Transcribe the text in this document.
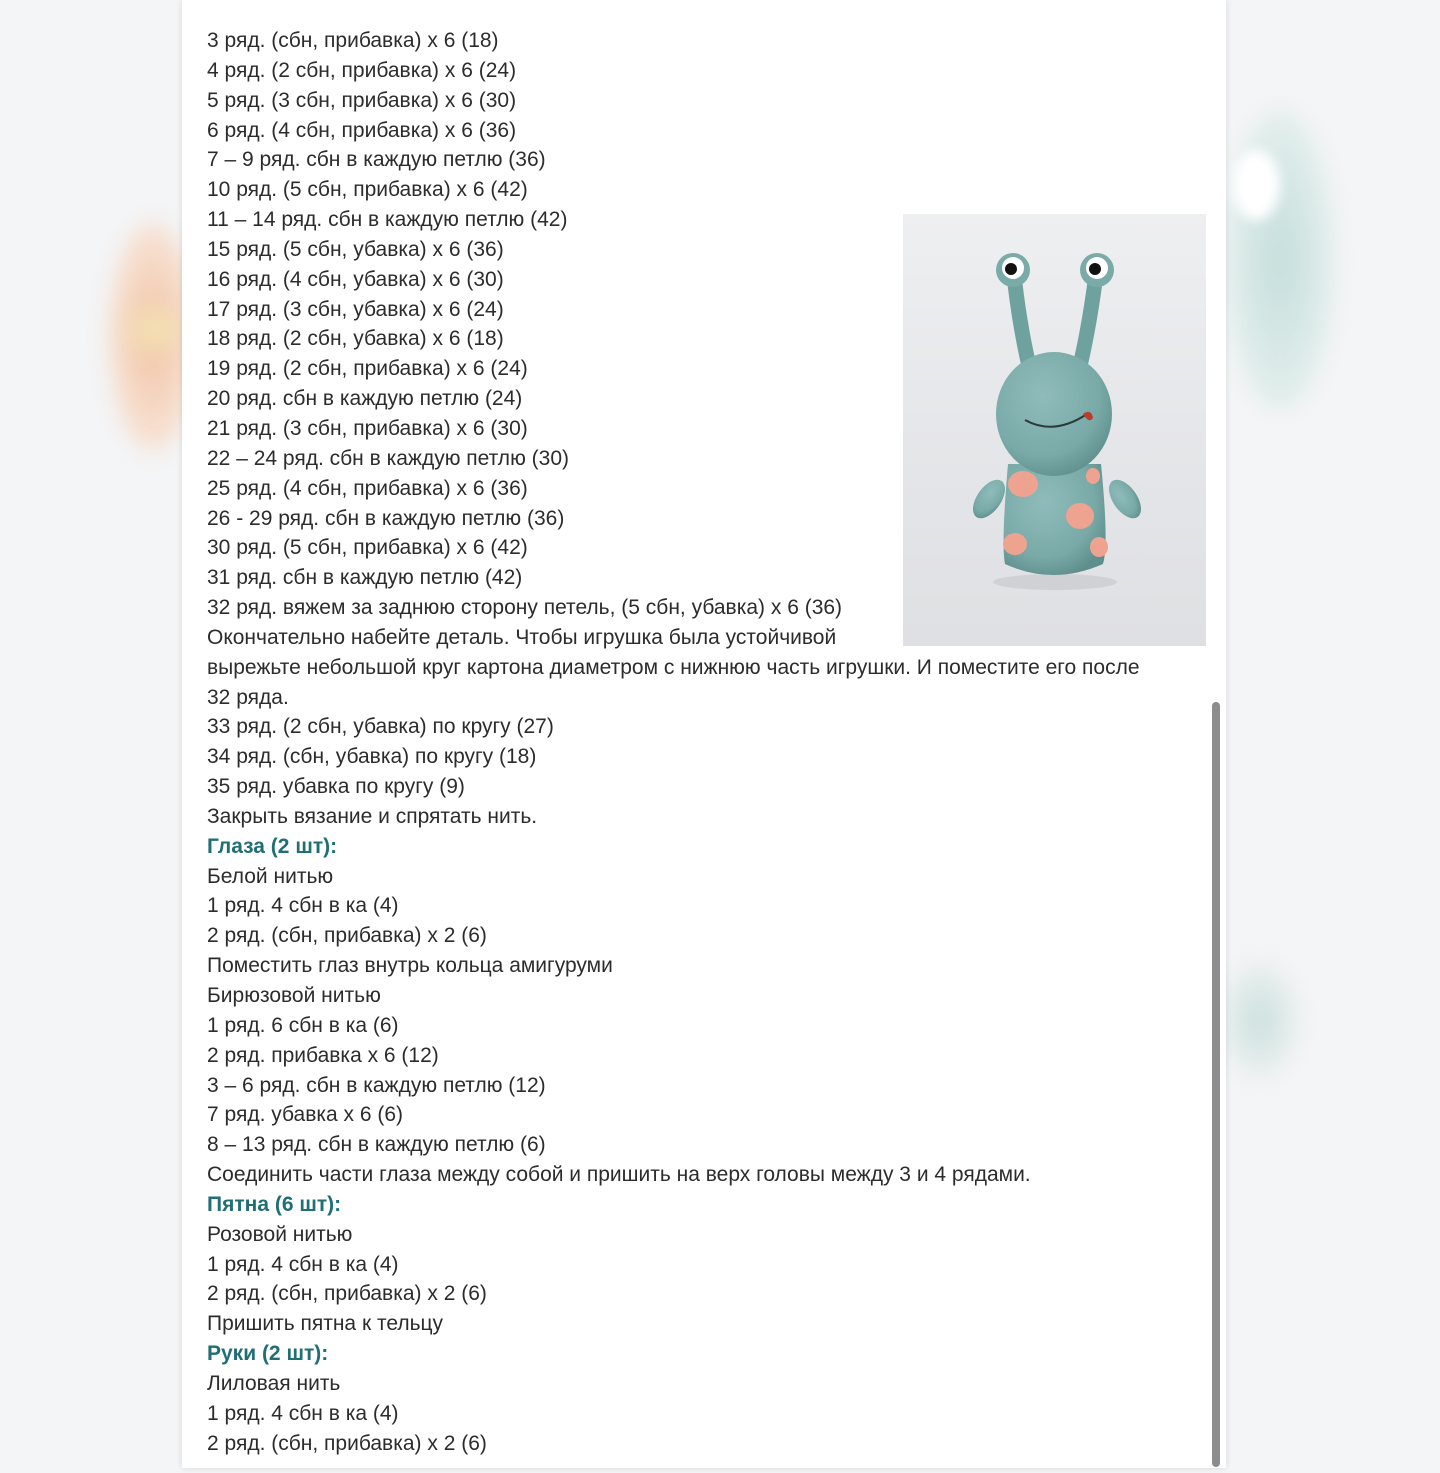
3 ряд. (сбн, прибавка) х 6 (18)
4 ряд. (2 сбн, прибавка) х 6 (24)
5 ряд. (3 сбн, прибавка) х 6 (30)
6 ряд. (4 сбн, прибавка) х 6 (36)
7 – 9 ряд. сбн в каждую петлю (36)
10 ряд. (5 сбн, прибавка) х 6 (42)
11 – 14 ряд. сбн в каждую петлю (42)
15 ряд. (5 сбн, убавка) х 6 (36)
16 ряд. (4 сбн, убавка) х 6 (30)
17 ряд. (3 сбн, убавка) х 6 (24)
18 ряд. (2 сбн, убавка) х 6 (18)
19 ряд. (2 сбн, прибавка) х 6 (24)
20 ряд. сбн в каждую петлю (24)
21 ряд. (3 сбн, прибавка) х 6 (30)
22 – 24 ряд. сбн в каждую петлю (30)
25 ряд. (4 сбн, прибавка) х 6 (36)
26 - 29 ряд. сбн в каждую петлю (36)
30 ряд. (5 сбн, прибавка) х 6 (42)
31 ряд. сбн в каждую петлю (42)
32 ряд. вяжем за заднюю сторону петель, (5 сбн, убавка) х 6 (36)
Окончательно набейте деталь. Чтобы игрушка была устойчивой
вырежьте небольшой круг картона диаметром с нижнюю часть игрушки. И поместите его после 32 ряда.
33 ряд. (2 сбн, убавка) по кругу (27)
34 ряд. (сбн, убавка) по кругу (18)
35 ряд. убавка по кругу (9)
Закрыть вязание и спрятать нить.
Глаза (2 шт):
Белой нитью
1 ряд. 4 сбн в ка (4)
2 ряд. (сбн, прибавка) х 2 (6)
Поместить глаз внутрь кольца амигуруми
Бирюзовой нитью
1 ряд. 6 сбн в ка (6)
2 ряд. прибавка х 6 (12)
3 – 6 ряд. сбн в каждую петлю (12)
7 ряд. убавка х 6 (6)
8 – 13 ряд. сбн в каждую петлю (6)
Соединить части глаза между собой и пришить на верх головы между 3 и 4 рядами.
Пятна (6 шт):
Розовой нитью
1 ряд. 4 сбн в ка (4)
2 ряд. (сбн, прибавка) х 2 (6)
Пришить пятна к тельцу
Руки (2 шт):
Лиловая нить
1 ряд. 4 сбн в ка (4)
2 ряд. (сбн, прибавка) х 2 (6)
